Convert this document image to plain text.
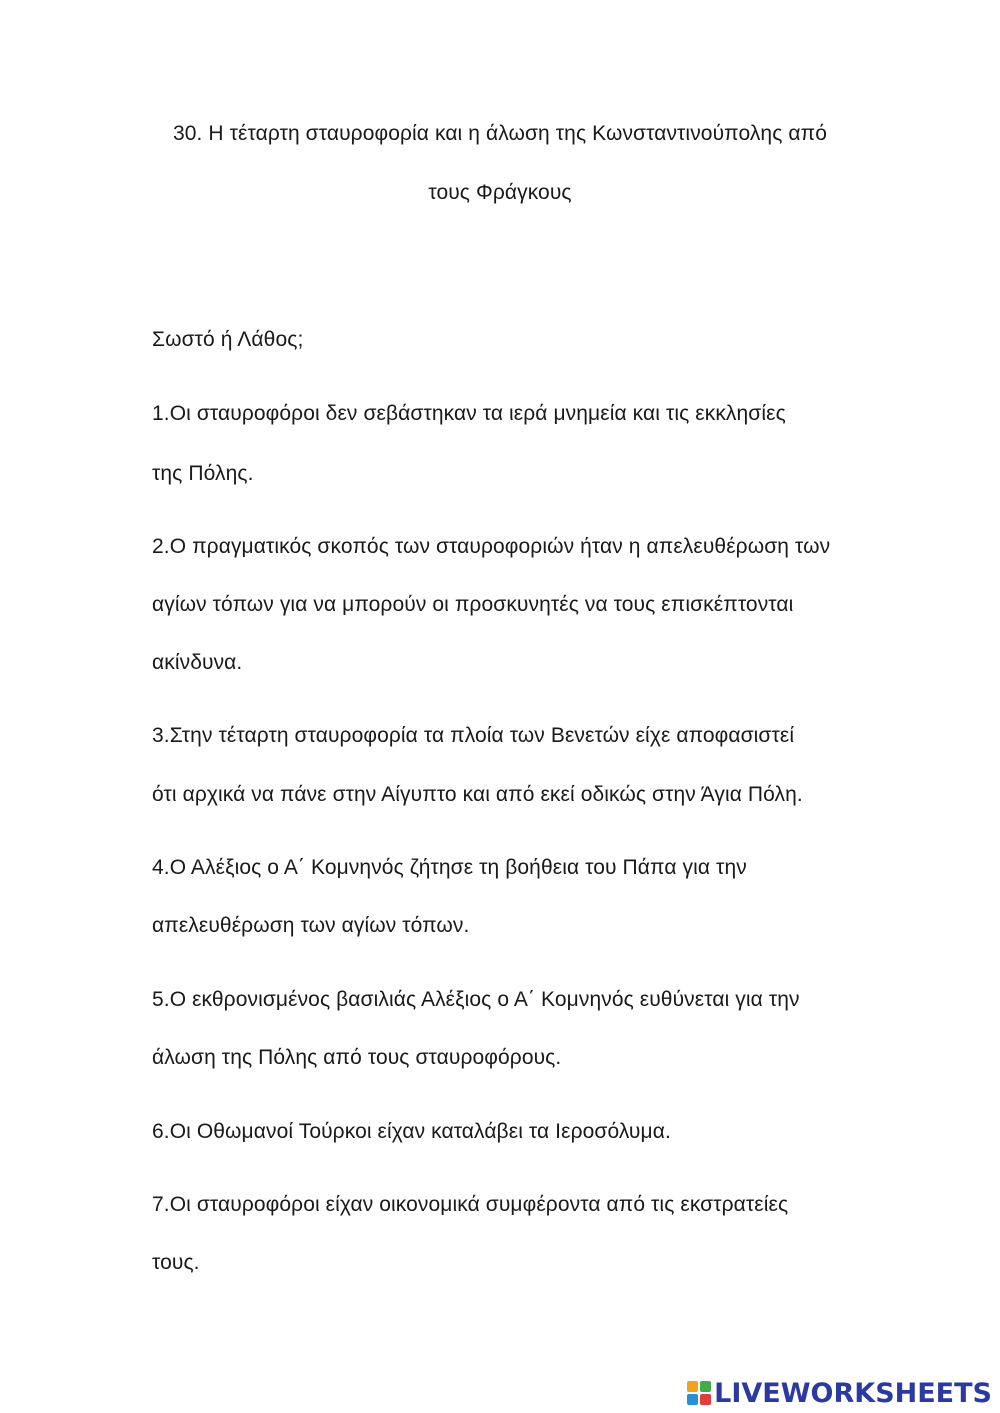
30. Η τέταρτη σταυροφορία και η άλωση της Κωνσταντινούπολης από
τους Φράγκους
Σωστό ή Λάθος;
1.Οι σταυροφόροι δεν σεβάστηκαν τα ιερά μνημεία και τις εκκλησίες
της Πόλης.
2.Ο πραγματικός σκοπός των σταυροφοριών ήταν η απελευθέρωση των
αγίων τόπων για να μπορούν οι προσκυνητές να τους επισκέπτονται
ακίνδυνα.
3.Στην τέταρτη σταυροφορία τα πλοία των Βενετών είχε αποφασιστεί
ότι αρχικά να πάνε στην Αίγυπτο και από εκεί οδικώς στην Άγια Πόλη.
4.Ο Αλέξιος ο Α΄ Κομνηνός ζήτησε τη βοήθεια του Πάπα για την
απελευθέρωση των αγίων τόπων.
5.Ο εκθρονισμένος βασιλιάς Αλέξιος ο Α΄ Κομνηνός ευθύνεται για την
άλωση της Πόλης από τους σταυροφόρους.
6.Οι Οθωμανοί Τούρκοι είχαν καταλάβει τα Ιεροσόλυμα.
7.Οι σταυροφόροι είχαν οικονομικά συμφέροντα από τις εκστρατείες
τους.
LIVEWORKSHEETS
